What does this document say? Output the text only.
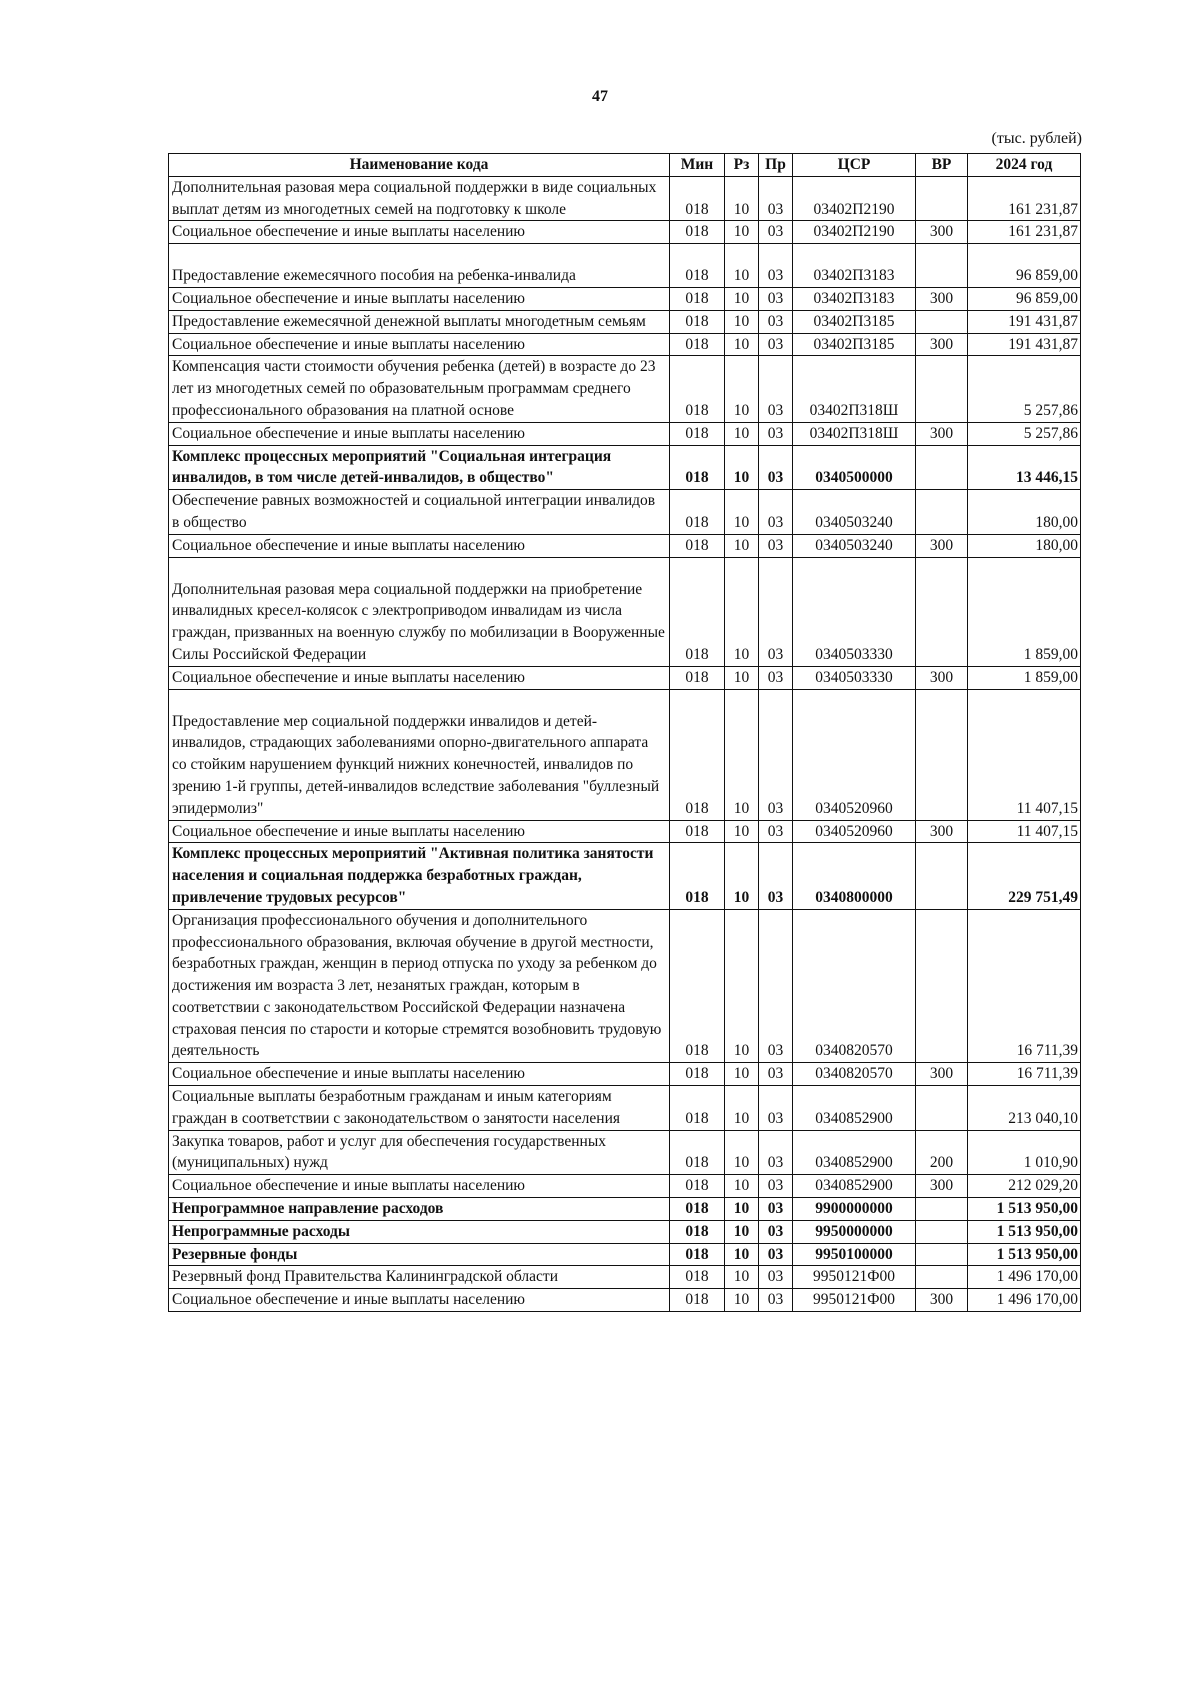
47
(тыс. рублей)
Наименование кода	Мин	Рз	Пр	ЦСР	ВР	2024 год
Дополнительная разовая мера социальной поддержки в виде социальных выплат детям из многодетных семей на подготовку к школе	018	10	03	03402П2190		161 231,87
Социальное обеспечение и иные выплаты населению	018	10	03	03402П2190	300	161 231,87
Предоставление ежемесячного пособия на ребенка-инвалида	018	10	03	03402П3183		96 859,00
Социальное обеспечение и иные выплаты населению	018	10	03	03402П3183	300	96 859,00
Предоставление ежемесячной денежной выплаты многодетным семьям	018	10	03	03402П3185		191 431,87
Социальное обеспечение и иные выплаты населению	018	10	03	03402П3185	300	191 431,87
Компенсация части стоимости обучения ребенка (детей) в возрасте до 23 лет из многодетных семей по образовательным программам среднего профессионального образования на платной основе	018	10	03	03402П318Ш		5 257,86
Социальное обеспечение и иные выплаты населению	018	10	03	03402П318Ш	300	5 257,86
Комплекс процессных мероприятий "Социальная интеграция инвалидов, в том числе детей-инвалидов, в общество"	018	10	03	0340500000		13 446,15
Обеспечение равных возможностей и социальной интеграции инвалидов в общество	018	10	03	0340503240		180,00
Социальное обеспечение и иные выплаты населению	018	10	03	0340503240	300	180,00
Дополнительная разовая мера социальной поддержки на приобретение инвалидных кресел-колясок с электроприводом инвалидам из числа граждан, призванных на военную службу по мобилизации в Вооруженные Силы Российской Федерации	018	10	03	0340503330		1 859,00
Социальное обеспечение и иные выплаты населению	018	10	03	0340503330	300	1 859,00
Предоставление мер социальной поддержки инвалидов и детей-инвалидов, страдающих заболеваниями опорно-двигательного аппарата со стойким нарушением функций нижних конечностей, инвалидов по зрению 1-й группы, детей-инвалидов вследствие заболевания "буллезный эпидермолиз"	018	10	03	0340520960		11 407,15
Социальное обеспечение и иные выплаты населению	018	10	03	0340520960	300	11 407,15
Комплекс процессных мероприятий "Активная политика занятости населения и социальная поддержка безработных граждан, привлечение трудовых ресурсов"	018	10	03	0340800000		229 751,49
Организация профессионального обучения и дополнительного профессионального образования, включая обучение в другой местности, безработных граждан, женщин в период отпуска по уходу за ребенком до достижения им возраста 3 лет, незанятых граждан, которым в соответствии с законодательством Российской Федерации назначена страховая пенсия по старости и которые стремятся возобновить трудовую деятельность	018	10	03	0340820570		16 711,39
Социальное обеспечение и иные выплаты населению	018	10	03	0340820570	300	16 711,39
Социальные выплаты безработным гражданам и иным категориям граждан в соответствии с законодательством о занятости населения	018	10	03	0340852900		213 040,10
Закупка товаров, работ и услуг для обеспечения государственных (муниципальных) нужд	018	10	03	0340852900	200	1 010,90
Социальное обеспечение и иные выплаты населению	018	10	03	0340852900	300	212 029,20
Непрограммное направление расходов	018	10	03	9900000000		1 513 950,00
Непрограммные расходы	018	10	03	9950000000		1 513 950,00
Резервные фонды	018	10	03	9950100000		1 513 950,00
Резервный фонд Правительства Калининградской области	018	10	03	9950121Ф00		1 496 170,00
Социальное обеспечение и иные выплаты населению	018	10	03	9950121Ф00	300	1 496 170,00
